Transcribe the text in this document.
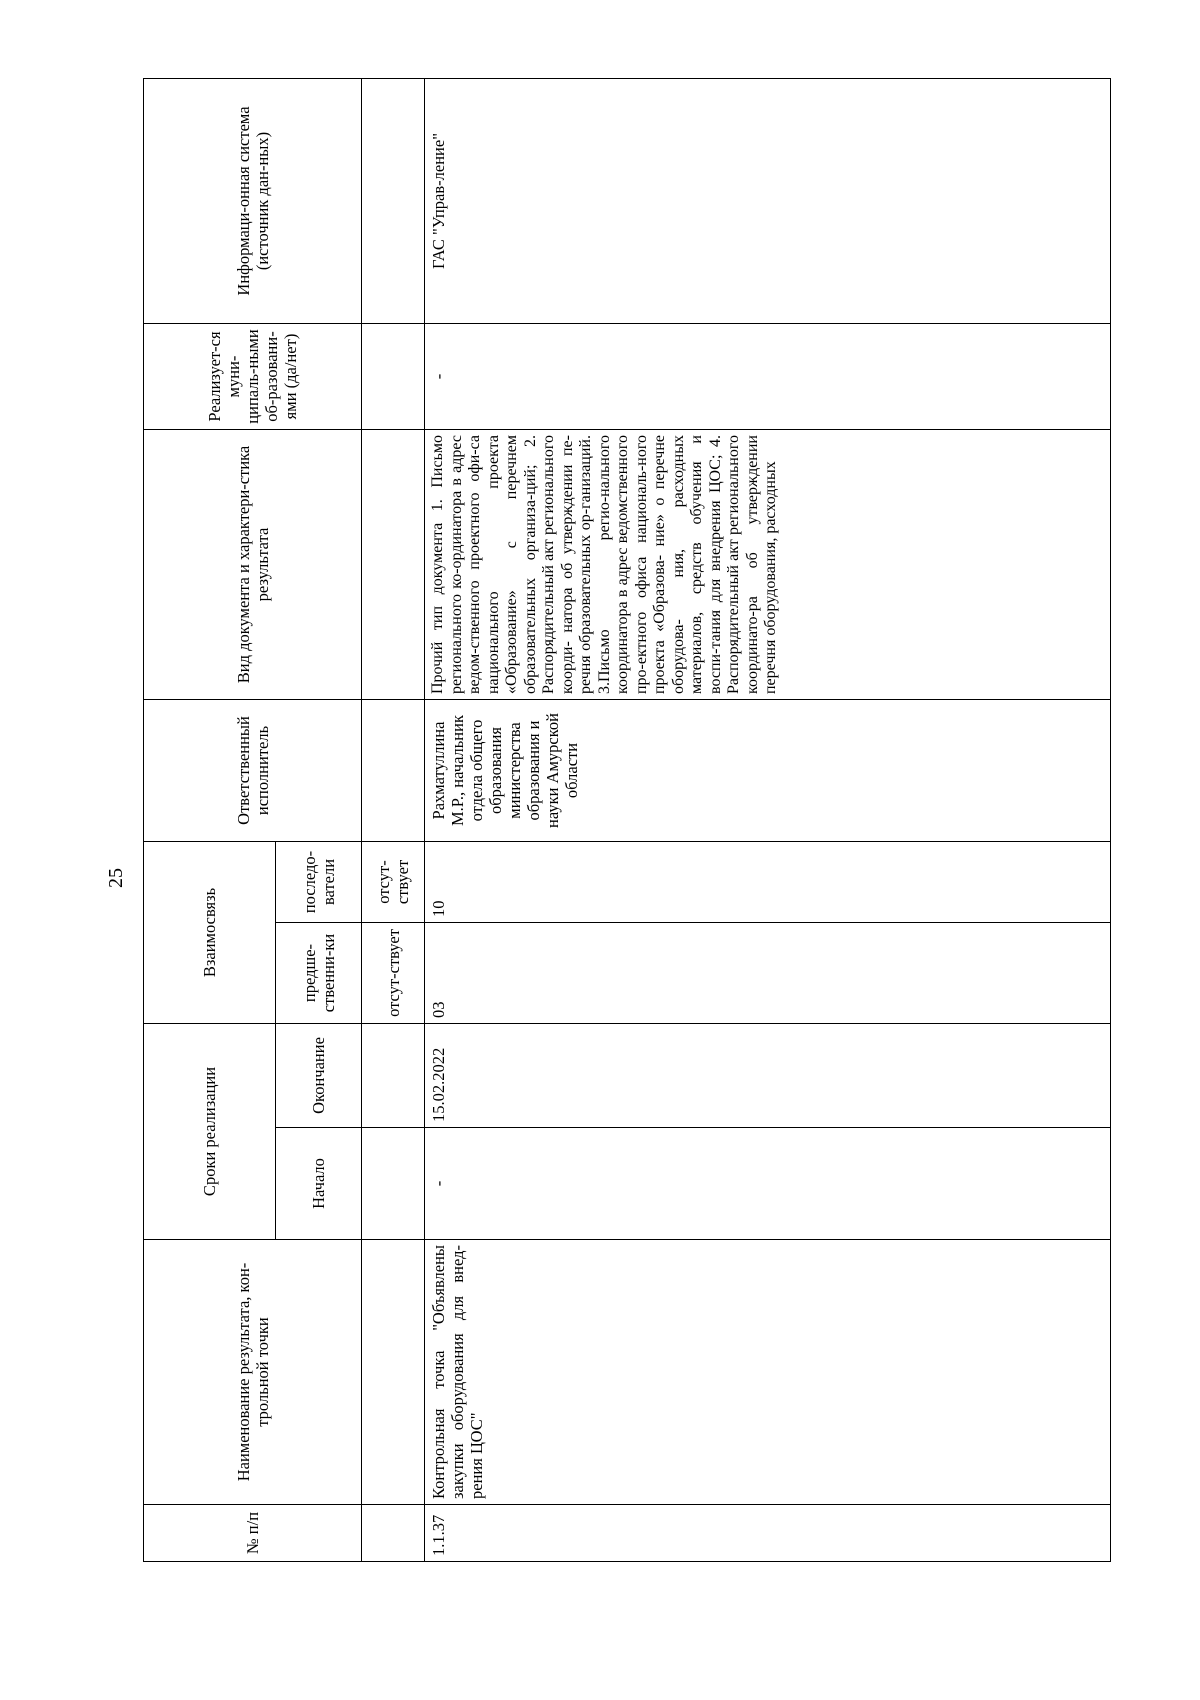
25
№ п/п	Наименование результата, кон-трольной точки	Сроки реализации		Взаимосвязь		Ответственный исполнитель	Вид документа и характери-стика результата	Реализует-ся муни-ципаль-ными об-разовани-ями (да/нет)	Информаци-онная система (источник дан-ных)
		Начало	Окончание	предше-ственни-ки	последо-ватели				
				отсут-ствует	отсут-ствует				
1.1.37	Контрольная точка "Объявлены закупки оборудования для внед-рения ЦОС"	-	15.02.2022	03	10	Рахматуллина М.Р., начальник отдела общего образования министерства образования и науки Амурской области	Прочий тип документа 1. Письмо регионального ко-ординатора в адрес ведом-ственного проектного офи-са национального проекта «Образование» с перечнем образовательных организа-ций; 2. Распорядительный акт регионального коорди- натора об утверждении пе- речня образовательных ор-ганизаций. 3.Письмо регио-нального координатора в адрес ведомственного про-ектного офиса националь-ного проекта «Образова- ние» о перечне оборудова- ния, расходных материалов, средств обучения и воспи-тания для внедрения ЦОС; 4. Распорядительный акт регионального координато-ра об утверждении перечня оборудования, расходных	-	ГАС "Управ-ление"
